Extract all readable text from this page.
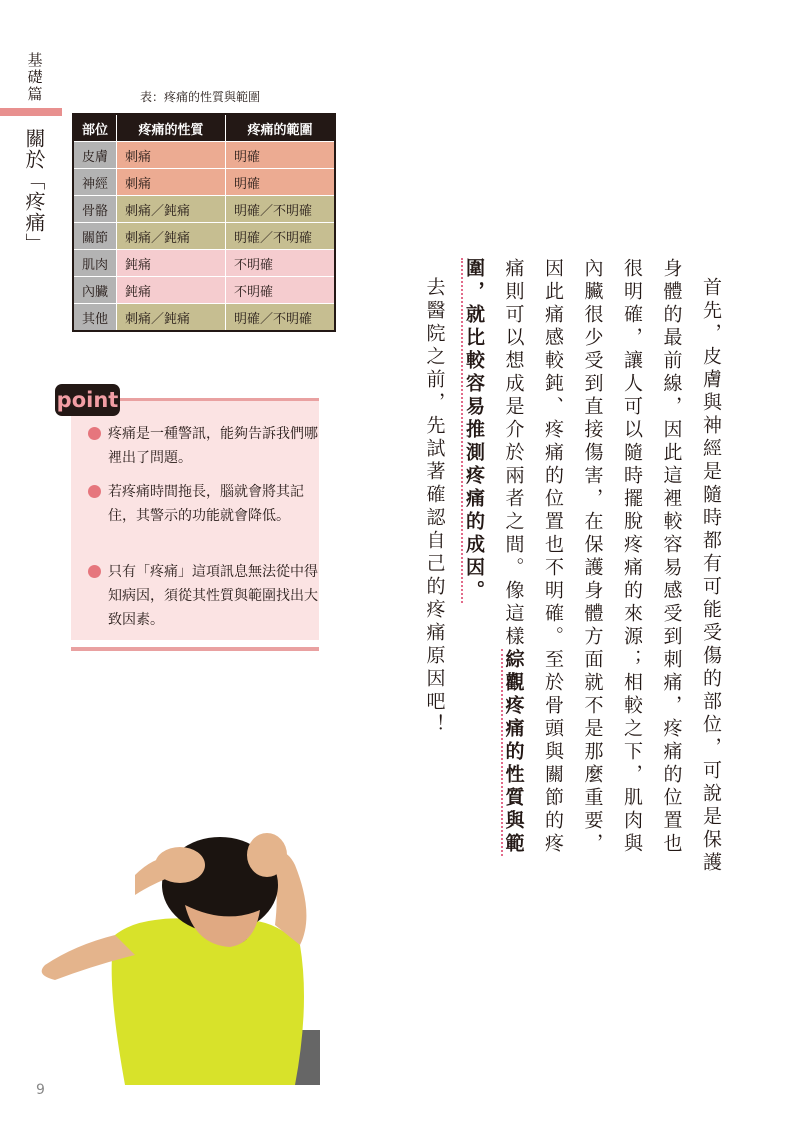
基礎篇
關於「疼痛」
表：疼痛的性質與範圍
部位	疼痛的性質	疼痛的範圍
皮膚	刺痛	明確
神經	刺痛	明確
骨骼	刺痛／鈍痛	明確／不明確
關節	刺痛／鈍痛	明確／不明確
肌肉	鈍痛	不明確
內臟	鈍痛	不明確
其他	刺痛／鈍痛	明確／不明確
point
疼痛是一種警訊，能夠告訴我們哪裡出了問題。
若疼痛時間拖長，腦就會將其記住，其警示的功能就會降低。
只有「疼痛」這項訊息無法從中得知病因，須從其性質與範圍找出大致因素。	首先，皮膚與神經是隨時都有可能受傷的部位，可說是保護身體的最前線，因此這裡較容易感受到刺痛，疼痛的位置也很明確，讓人可以隨時擺脫疼痛的來源；相較之下，肌肉與內臟很少受到直接傷害，在保護身體方面就不是那麼重要，因此痛感較鈍、疼痛的位置也不明確。至於骨頭與關節的疼痛則可以想成是介於兩者之間。像這樣綜觀疼痛的性質與範圍，就比較容易推測疼痛的成因。

去醫院之前，先試著確認自己的疼痛原因吧！

9
